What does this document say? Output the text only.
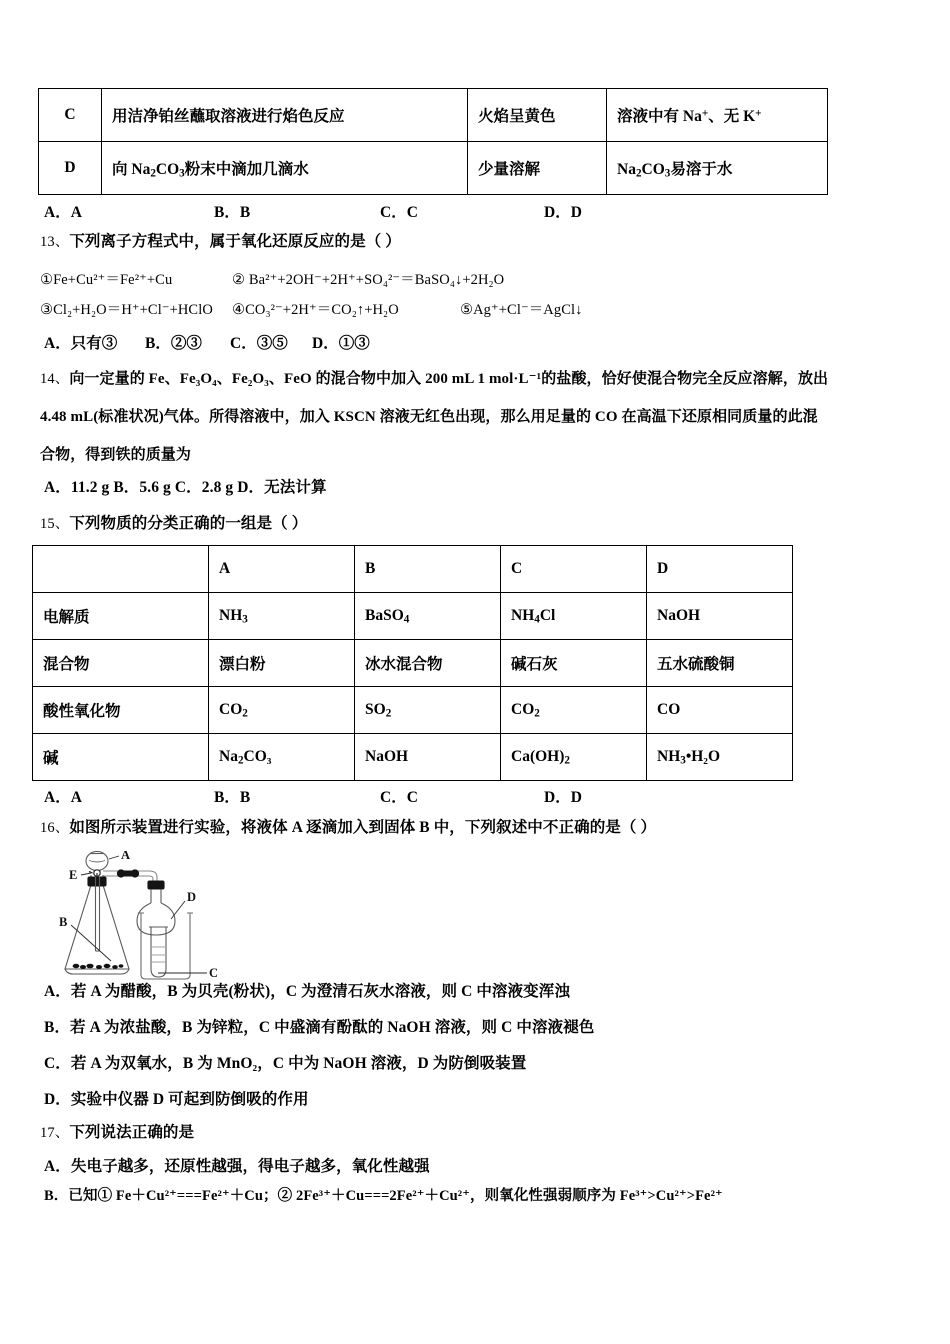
C	用洁净铂丝蘸取溶液进行焰色反应	火焰呈黄色	溶液中有 Na+、无 K+
D	向 $Na_2CO_3$粉末中滴加几滴水	少量溶解	$Na_2CO_3$易溶于水
A．A	B．B	C．C	D．D
13、下列离子方程式中，属于氧化还原反应的是（ ）
①Fe+Cu²⁺＝Fe²⁺+Cu	② Ba²⁺+2OH⁻+2H⁺+SO₄²⁻＝BaSO₄↓+2H₂O
③Cl₂+H₂O＝H⁺+Cl⁻+HClO ④CO₃²⁻+2H⁺＝CO₂↑+H₂O	⑤Ag⁺+Cl⁻＝AgCl↓
A．只有③ B．②③ C．③⑤ D．①③
14、向一定量的 Fe、Fe₃O₄、Fe₂O₃、FeO 的混合物中加入 200 mL 1 mol·L⁻¹的盐酸，恰好使混合物完全反应溶解，放出
4.48 mL(标准状况)气体。所得溶液中，加入 KSCN 溶液无红色出现，那么用足量的 CO 在高温下还原相同质量的此混
合物，得到铁的质量为
A．11.2 g B．5.6 g C．2.8 g D．无法计算
15、下列物质的分类正确的一组是（ ）
	A	B	C	D
电解质	$NH_3$	BaSO$_4$	$NH_4Cl$	NaOH
混合物	漂白粉	冰水混合物	碱石灰	五水硫酸铜
酸性氧化物	$CO_2$	$SO_2$	$CO_2$	CO
碱	$Na_2CO_3$	NaOH	$Ca(OH)_2$	$NH_3•H_2O$
A．A	B．B	C．C	D．D
16、如图所示装置进行实验，将液体 A 逐滴加入到固体 B 中，下列叙述中不正确的是（ ）
A
B
C
D
E
A．若 A 为醋酸，B 为贝壳(粉状)，C 为澄清石灰水溶液，则 C 中溶液变浑浊
B．若 A 为浓盐酸，B 为锌粒，C 中盛滴有酚酞的 NaOH 溶液，则 C 中溶液褪色
C．若 A 为双氧水，B 为 MnO₂，C 中为 NaOH 溶液，D 为防倒吸装置
D．实验中仪器 D 可起到防倒吸的作用
17、下列说法正确的是
A．失电子越多，还原性越强，得电子越多，氧化性越强
B．已知① Fe＋Cu²⁺===Fe²⁺＋Cu；② 2Fe³⁺＋Cu===2Fe²⁺＋Cu²⁺，则氧化性强弱顺序为 Fe³⁺>Cu²⁺>Fe²⁺
